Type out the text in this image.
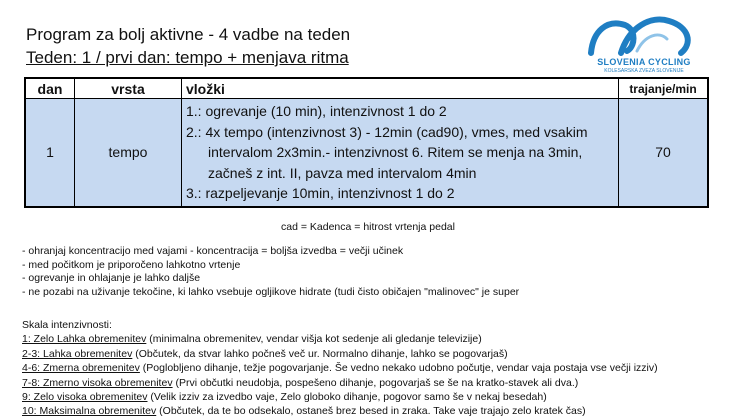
Program za bolj aktivne - 4 vadbe na teden
Teden: 1 / prvi dan: tempo + menjava ritma	SLOVENIA CYCLING
KOLESARSKA ZVEZA SLOVENIJE
dan	vrsta	vložki	trajanje/min
1	tempo	1.: ogrevanje (10 min), intenzivnost 1 do 2
2.: 4x tempo (intenzivnost 3) - 12min (cad90), vmes, med vsakim
intervalom 2x3min.- intenzivnost 6. Ritem se menja na 3min,
začneš z int. II, pavza med intervalom 4min
3.: razpeljevanje 10min, intenzivnost 1 do 2	70
cad = Kadenca = hitrost vrtenja pedal
- ohranjaj koncentracijo med vajami - koncentracija = boljša izvedba = večji učinek
- med počitkom je priporočeno lahkotno vrtenje
- ogrevanje in ohlajanje je lahko daljše
- ne pozabi na uživanje tekočine, ki lahko vsebuje ogljikove hidrate (tudi čisto običajen "malinovec" je super
Skala intenzivnosti:
1: Zelo Lahka obremenitev (minimalna obremenitev, vendar višja kot sedenje ali gledanje televizije)
2-3: Lahka obremenitev (Občutek, da stvar lahko počneš več ur. Normalno dihanje, lahko se pogovarjaš)
4-6: Zmerna obremenitev (Poglobljeno dihanje, težje pogovarjanje. Še vedno nekako udobno počutje, vendar vaja postaja vse večji izziv)
7-8: Zmerno visoka obremenitev (Prvi občutki neudobja, pospešeno dihanje, pogovarjaš se še na kratko-stavek ali dva.)
9: Zelo visoka obremenitev (Velik izziv za izvedbo vaje, Zelo globoko dihanje, pogovor samo še v nekaj besedah)
10: Maksimalna obremenitev (Občutek, da te bo odsekalo, ostaneš brez besed in zraka. Take vaje trajajo zelo kratek čas)
